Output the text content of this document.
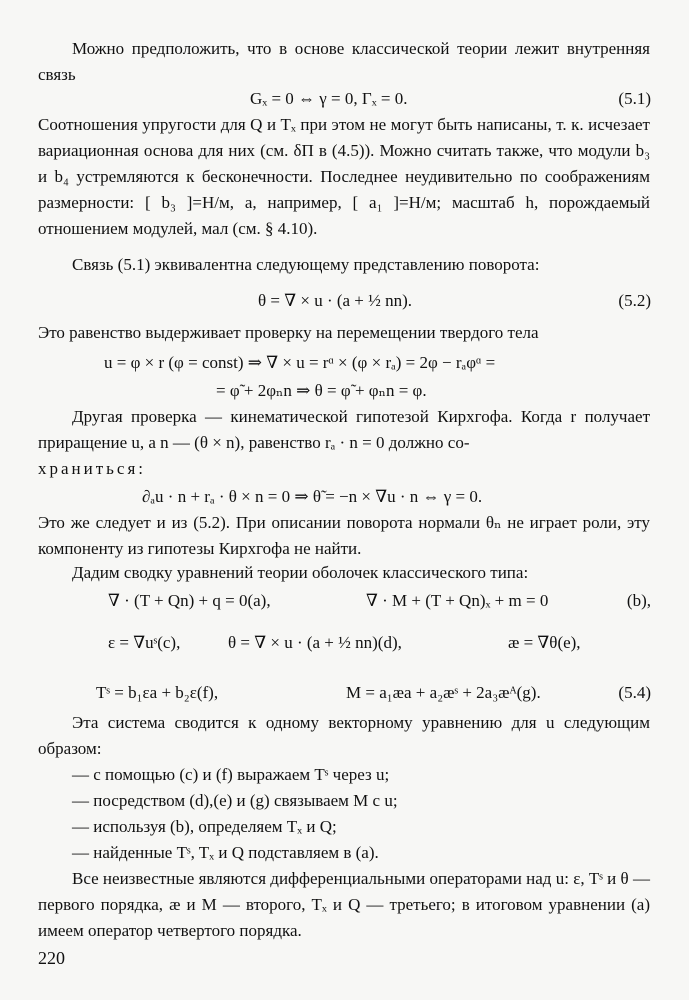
Можно предположить, что в основе классической теории лежит внутренняя связь
Gₓ = 0 ⇔ γ = 0, Γₓ = 0.	(5.1)
Соотношения упругости для Q и Tₓ при этом не могут быть написаны, т. к. исчезает вариационная основа для них (см. δΠ в (4.5)). Можно считать также, что модули b₃ и b₄ устремляются к бесконечности. Последнее неудивительно по соображениям размерности: [ b₃ ]=Н/м, а, например, [ a₁ ]=Н/м; масштаб h, порождаемый отношением модулей, мал (см. § 4.10).
Связь (5.1) эквивалентна следующему представлению поворота:
θ = ∇ × u · (a + ½ nn).	(5.2)
Это равенство выдерживает проверку на перемещении твердого тела
u = φ × r (φ = const) ⇒ ∇ × u = rᵅ × (φ × rₐ) = 2φ − rₐφᵅ =
= φ̃ + 2φₙn ⇒ θ = φ̃ + φₙn = φ.
Другая проверка — кинематической гипотезой Кирхгофа. Когда r получает приращение u, а n — (θ × n), равенство rₐ · n = 0 должно со-
храниться:
∂ₐu · n + rₐ · θ × n = 0 ⇒ θ̃ = −n × ∇u · n ⇔ γ = 0.
Это же следует и из (5.2). При описании поворота нормали θₙ не играет роли, эту компоненту из гипотезы Кирхгофа не найти.
Дадим сводку уравнений теории оболочек классического типа:
∇ · (T + Qn) + q = 0(a),	∇ · M + (T + Qn)ₓ + m = 0	(b),
ε = ∇uˢ(c),	θ = ∇ × u · (a + ½ nn)(d),	æ = ∇θ(e),
Tˢ = b₁εa + b₂ε(f),	M = a₁æa + a₂æˢ + 2a₃æᴬ(g).	(5.4)
Эта система сводится к одному векторному уравнению для u следующим образом:
— с помощью (c) и (f) выражаем Tˢ через u;
— посредством (d),(e) и (g) связываем M с u;
— используя (b), определяем Tₓ и Q;
— найденные Tˢ, Tₓ и Q подставляем в (a).
Все неизвестные являются дифференциальными операторами над u: ε, Tˢ и θ — первого порядка, æ и M — второго, Tₓ и Q — третьего; в итоговом уравнении (a) имеем оператор четвертого порядка.
220
